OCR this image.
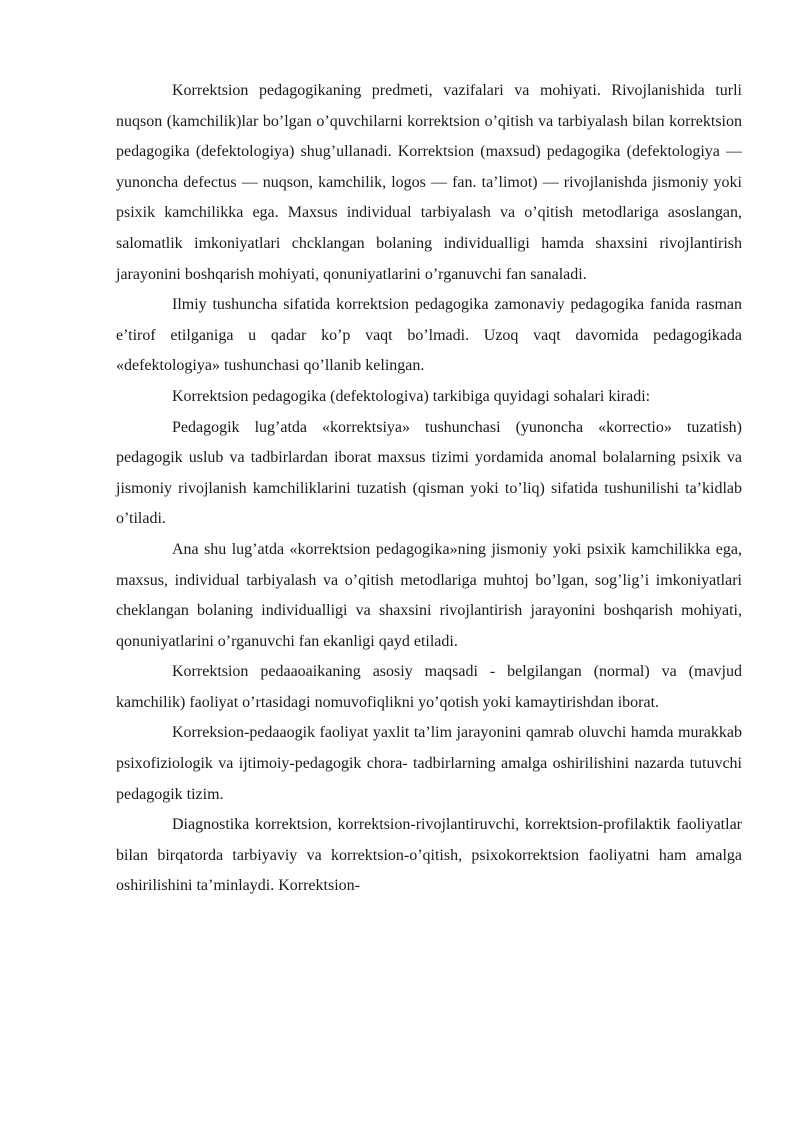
Korrektsion pedagogikaning predmeti, vazifalari va mohiyati. Rivojlanishida turli nuqson (kamchilik)lar bo’lgan o’quvchilarni korrektsion o’qitish va tarbiyalash bilan korrektsion pedagogika (defektologiya) shug’ullanadi. Korrektsion (maxsud) pedagogika (defektologiya — yunoncha defectus — nuqson, kamchilik, logos — fan. ta’limot) — rivojlanishda jismoniy yoki psixik kamchilikka ega. Maxsus individual tarbiyalash va o’qitish metodlariga asoslangan, salomatlik imkoniyatlari chcklangan bolaning individualligi hamda shaxsini rivojlantirish jarayonini boshqarish mohiyati, qonuniyatlarini o’rganuvchi fan sanaladi.

Ilmiy tushuncha sifatida korrektsion pedagogika zamonaviy pedagogika fanida rasman e’tirof etilganiga u qadar ko’p vaqt bo’lmadi. Uzoq vaqt davomida pedagogikada «defektologiya» tushunchasi qo’llanib kelingan.

Korrektsion pedagogika (defektologiva) tarkibiga quyidagi sohalari kiradi:

Pedagogik lug’atda «korrektsiya» tushunchasi (yunoncha «korrectio» tuzatish) pedagogik uslub va tadbirlardan iborat maxsus tizimi yordamida anomal bolalarning psixik va jismoniy rivojlanish kamchiliklarini tuzatish (qisman yoki to’liq) sifatida tushunilishi ta’kidlab o’tiladi.

Ana shu lug’atda «korrektsion pedagogika»ning jismoniy yoki psixik kamchilikka ega, maxsus, individual tarbiyalash va o’qitish metodlariga muhtoj bo’lgan, sog’lig’i imkoniyatlari cheklangan bolaning individualligi va shaxsini rivojlantirish jarayonini boshqarish mohiyati, qonuniyatlarini o’rganuvchi fan ekanligi qayd etiladi.

Korrektsion pedaaoaikaning asosiy maqsadi - belgilangan (normal) va (mavjud kamchilik) faoliyat o’rtasidagi nomuvofiqlikni yo’qotish yoki kamaytirishdan iborat.

Korreksion-pedaaogik faoliyat yaxlit ta’lim jarayonini qamrab oluvchi hamda murakkab psixofiziologik va ijtimoiy-pedagogik chora- tadbirlarning amalga oshirilishini nazarda tutuvchi pedagogik tizim.

Diagnostika korrektsion, korrektsion-rivojlantiruvchi, korrektsion-profilaktik faoliyatlar bilan birqatorda tarbiyaviy va korrektsion-o’qitish, psixokorrektsion faoliyatni ham amalga oshirilishini ta’minlaydi. Korrektsion-
